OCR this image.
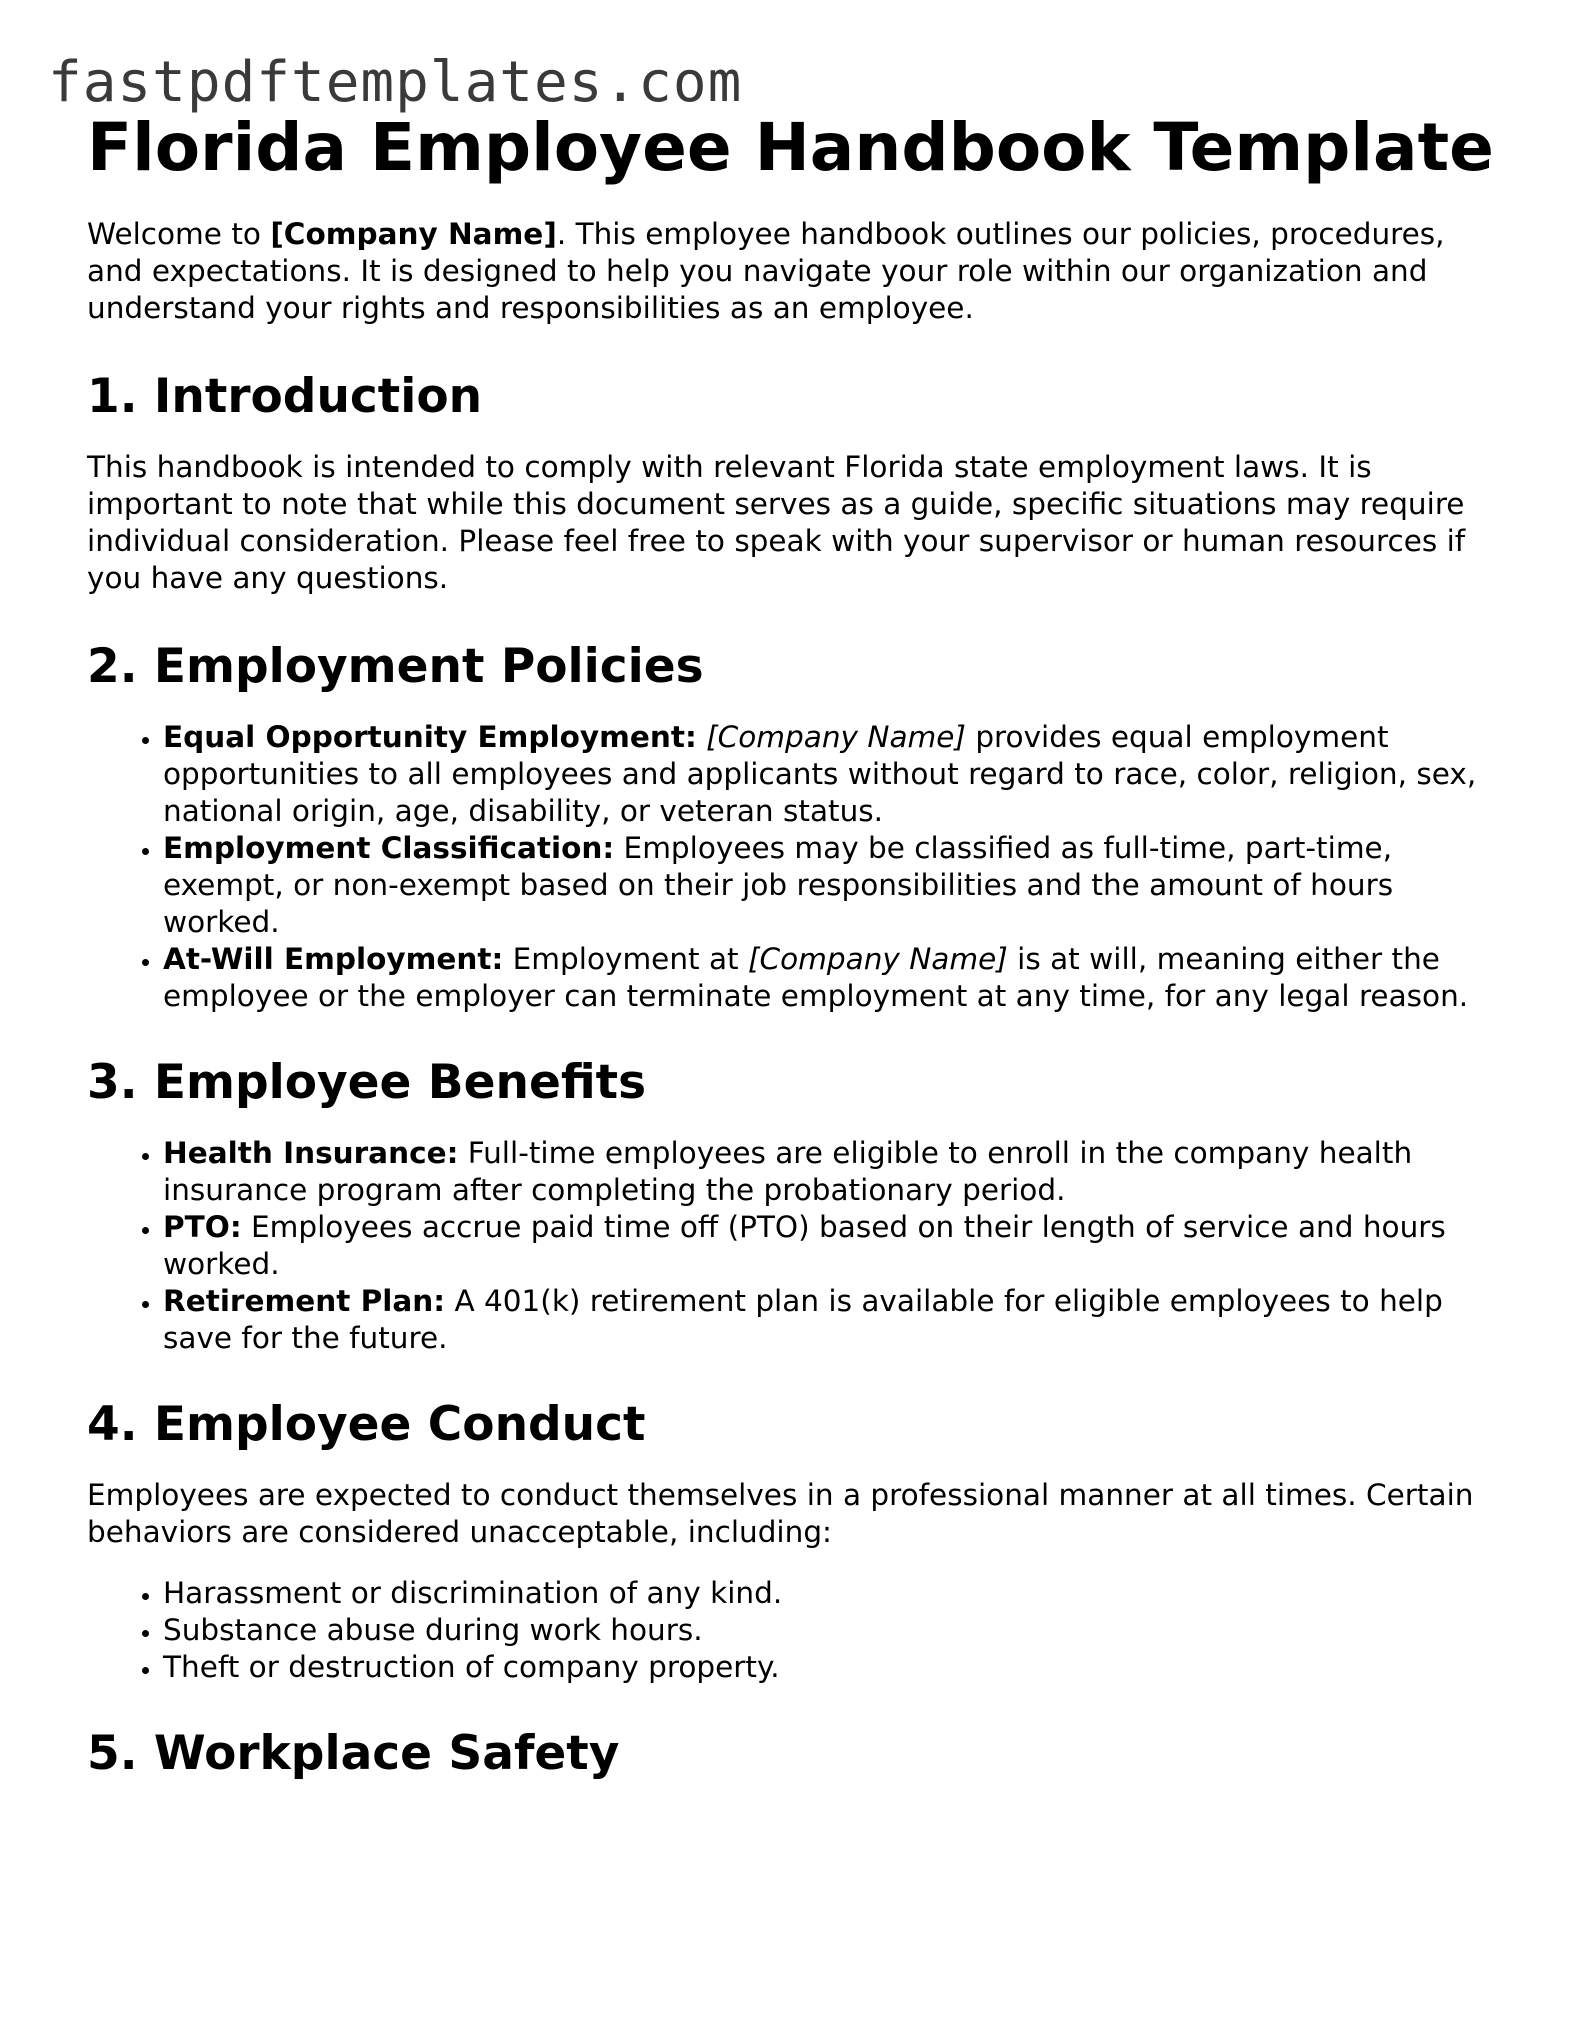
fastpdftemplates.com
Florida Employee Handbook Template

Welcome to [Company Name]. This employee handbook outlines our policies, procedures, and expectations. It is designed to help you navigate your role within our organization and understand your rights and responsibilities as an employee.

1. Introduction

This handbook is intended to comply with relevant Florida state employment laws. It is important to note that while this document serves as a guide, specific situations may require individual consideration. Please feel free to speak with your supervisor or human resources if you have any questions.

2. Employment Policies
• Equal Opportunity Employment: [Company Name] provides equal employment opportunities to all employees and applicants without regard to race, color, religion, sex, national origin, age, disability, or veteran status.
• Employment Classification: Employees may be classified as full-time, part-time, exempt, or non-exempt based on their job responsibilities and the amount of hours worked.
• At-Will Employment: Employment at [Company Name] is at will, meaning either the employee or the employer can terminate employment at any time, for any legal reason.
3. Employee Benefits
• Health Insurance: Full-time employees are eligible to enroll in the company health insurance program after completing the probationary period.
• PTO: Employees accrue paid time off (PTO) based on their length of service and hours worked.
• Retirement Plan: A 401(k) retirement plan is available for eligible employees to help save for the future.
4. Employee Conduct

Employees are expected to conduct themselves in a professional manner at all times. Certain behaviors are considered unacceptable, including:

• Harassment or discrimination of any kind.
• Substance abuse during work hours.
• Theft or destruction of company property.
5. Workplace Safety
